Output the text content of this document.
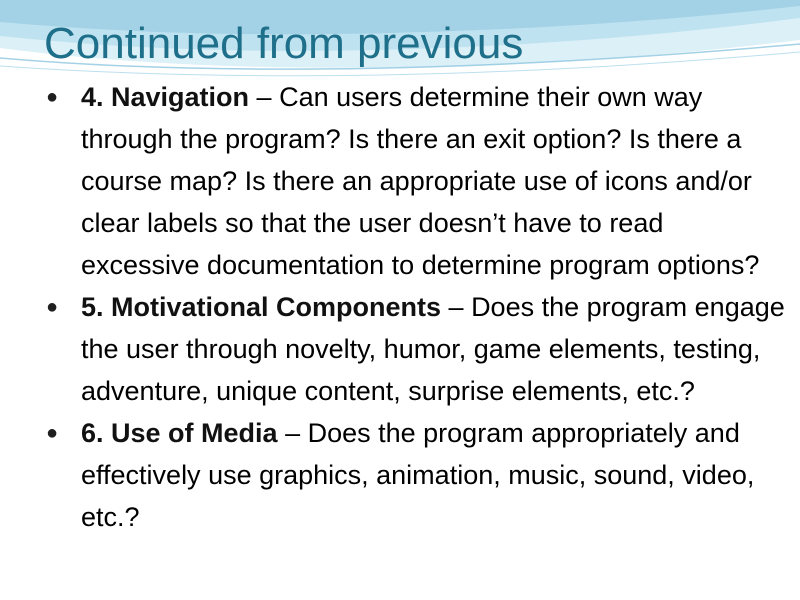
Continued from previous
● 4. Navigation – Can users determine their own way through the program? Is there an exit option? Is there a course map? Is there an appropriate use of icons and/or clear labels so that the user doesn’t have to read excessive documentation to determine program options?
● 5. Motivational Components – Does the program engage the user through novelty, humor, game elements, testing, adventure, unique content, surprise elements, etc.?
● 6. Use of Media – Does the program appropriately and effectively use graphics, animation, music, sound, video, etc.?
